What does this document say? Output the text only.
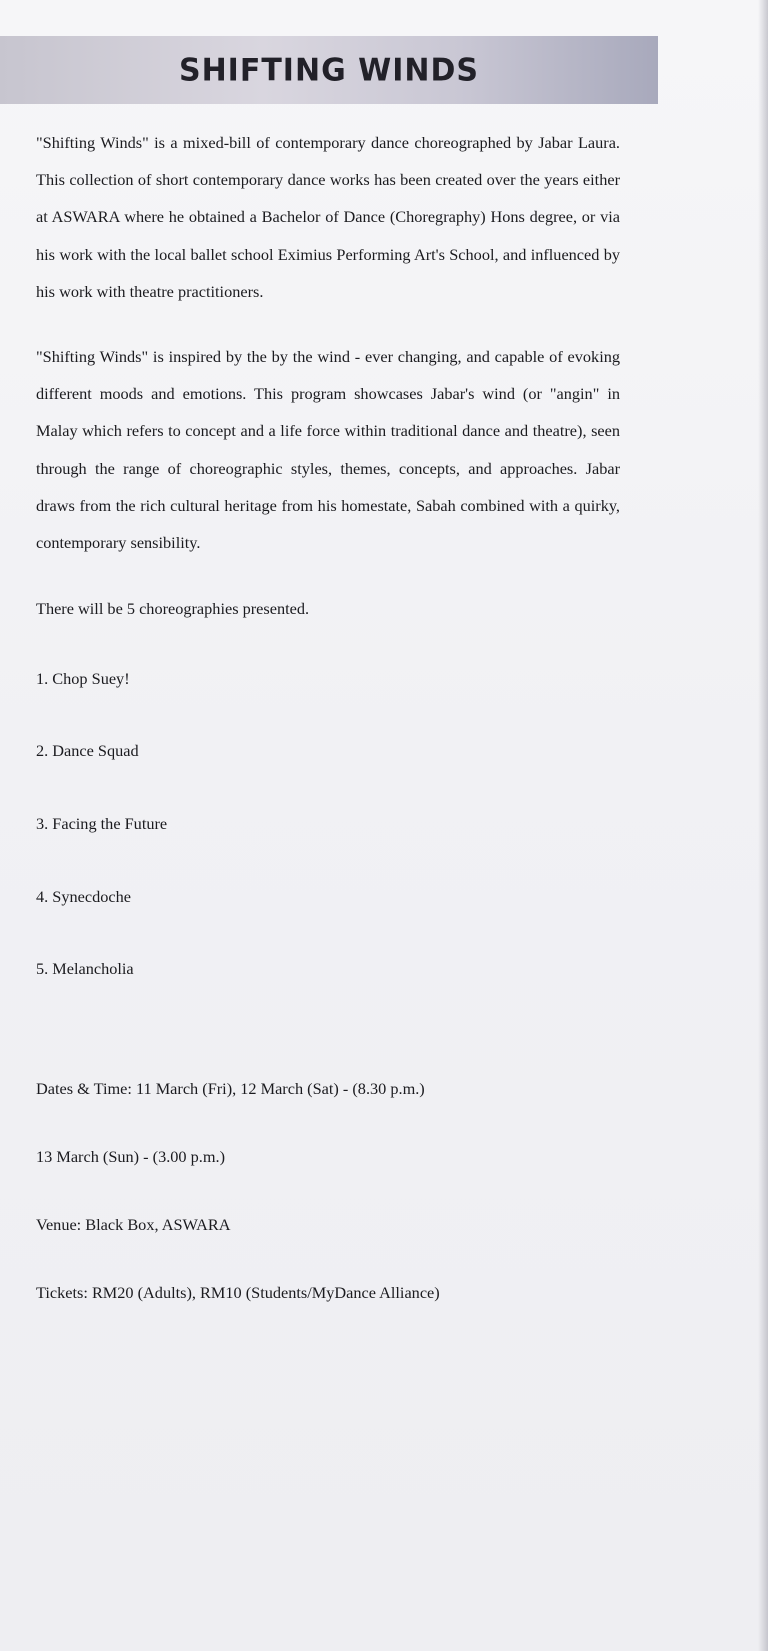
SHIFTING WINDS

"Shifting Winds" is a mixed-bill of contemporary dance choreographed by Jabar Laura. This collection of short contemporary dance works has been created over the years either at ASWARA where he obtained a Bachelor of Dance (Choregraphy) Hons degree, or via his work with the local ballet school Eximius Performing Art's School, and influenced by his work with theatre practitioners.

"Shifting Winds" is inspired by the by the wind - ever changing, and capable of evoking different moods and emotions. This program showcases Jabar's wind (or "angin" in Malay which refers to concept and a life force within traditional dance and theatre), seen through the range of choreographic styles, themes, concepts, and approaches. Jabar draws from the rich cultural heritage from his homestate, Sabah combined with a quirky, contemporary sensibility.

There will be 5 choreographies presented.

1. Chop Suey!
2. Dance Squad
3. Facing the Future
4. Synecdoche
5. Melancholia

Dates & Time: 11 March (Fri), 12 March (Sat) - (8.30 p.m.)

13 March (Sun) - (3.00 p.m.)

Venue: Black Box, ASWARA

Tickets: RM20 (Adults), RM10 (Students/MyDance Alliance)
